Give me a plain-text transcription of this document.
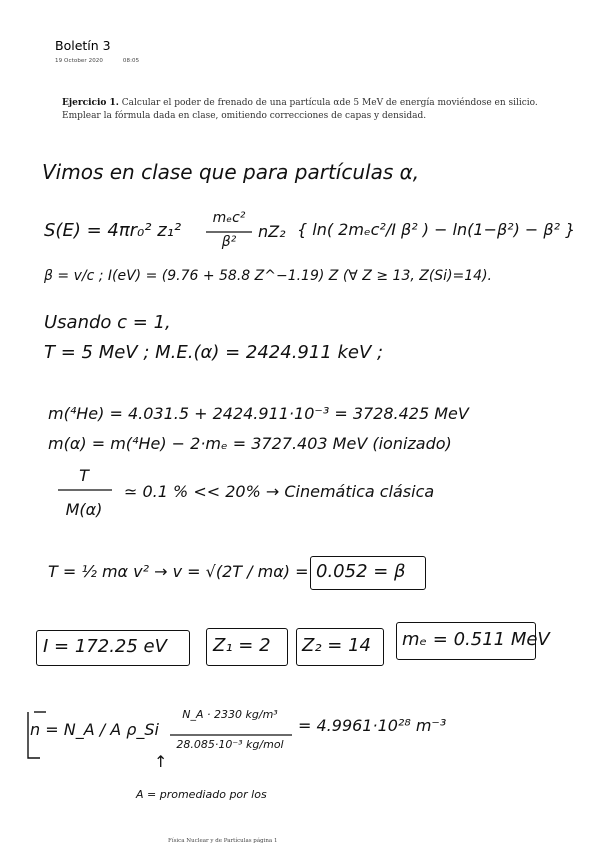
Boletín 3
19 October 2020	08:05
Ejercicio 1. Calcular el poder de frenado de una partícula αde 5 MeV de energía moviéndose en silicio.
Emplear la fórmula dada en clase, omitiendo correcciones de capas y densidad.
Vimos en clase que para partículas α,
S(E) = 4πr₀² z₁²
mₑc²
β²
nZ₂ { ln( 2mₑc²/I β² ) − ln(1−β²) − β² }
β = v/c ; I(eV) = (9.76 + 58.8 Z^−1.19) Z (∀ Z ≥ 13, Z(Si)=14).
Usando c = 1,
T = 5 MeV ; M.E.(α) = 2424.911 keV ;
m(⁴He) = 4.031.5 + 2424.911·10⁻³ = 3728.425 MeV
m(α) = m(⁴He) − 2·mₑ = 3727.403 MeV (ionizado)
T
M(α)
≃ 0.1 % << 20% → Cinemática clásica
T = ½ mα v² → v = √(2T / mα) = 0.052 = β
I = 172.25 eV	Z₁ = 2 Z₂ = 14 mₑ = 0.511 MeV
n = N_A / A ρ_Si
N_A · 2330 kg/m³
28.085·10⁻³ kg/mol
= 4.9961·10²⁸ m⁻³
↑
A = promediado por los
Física Nuclear y de Partículas página 1
